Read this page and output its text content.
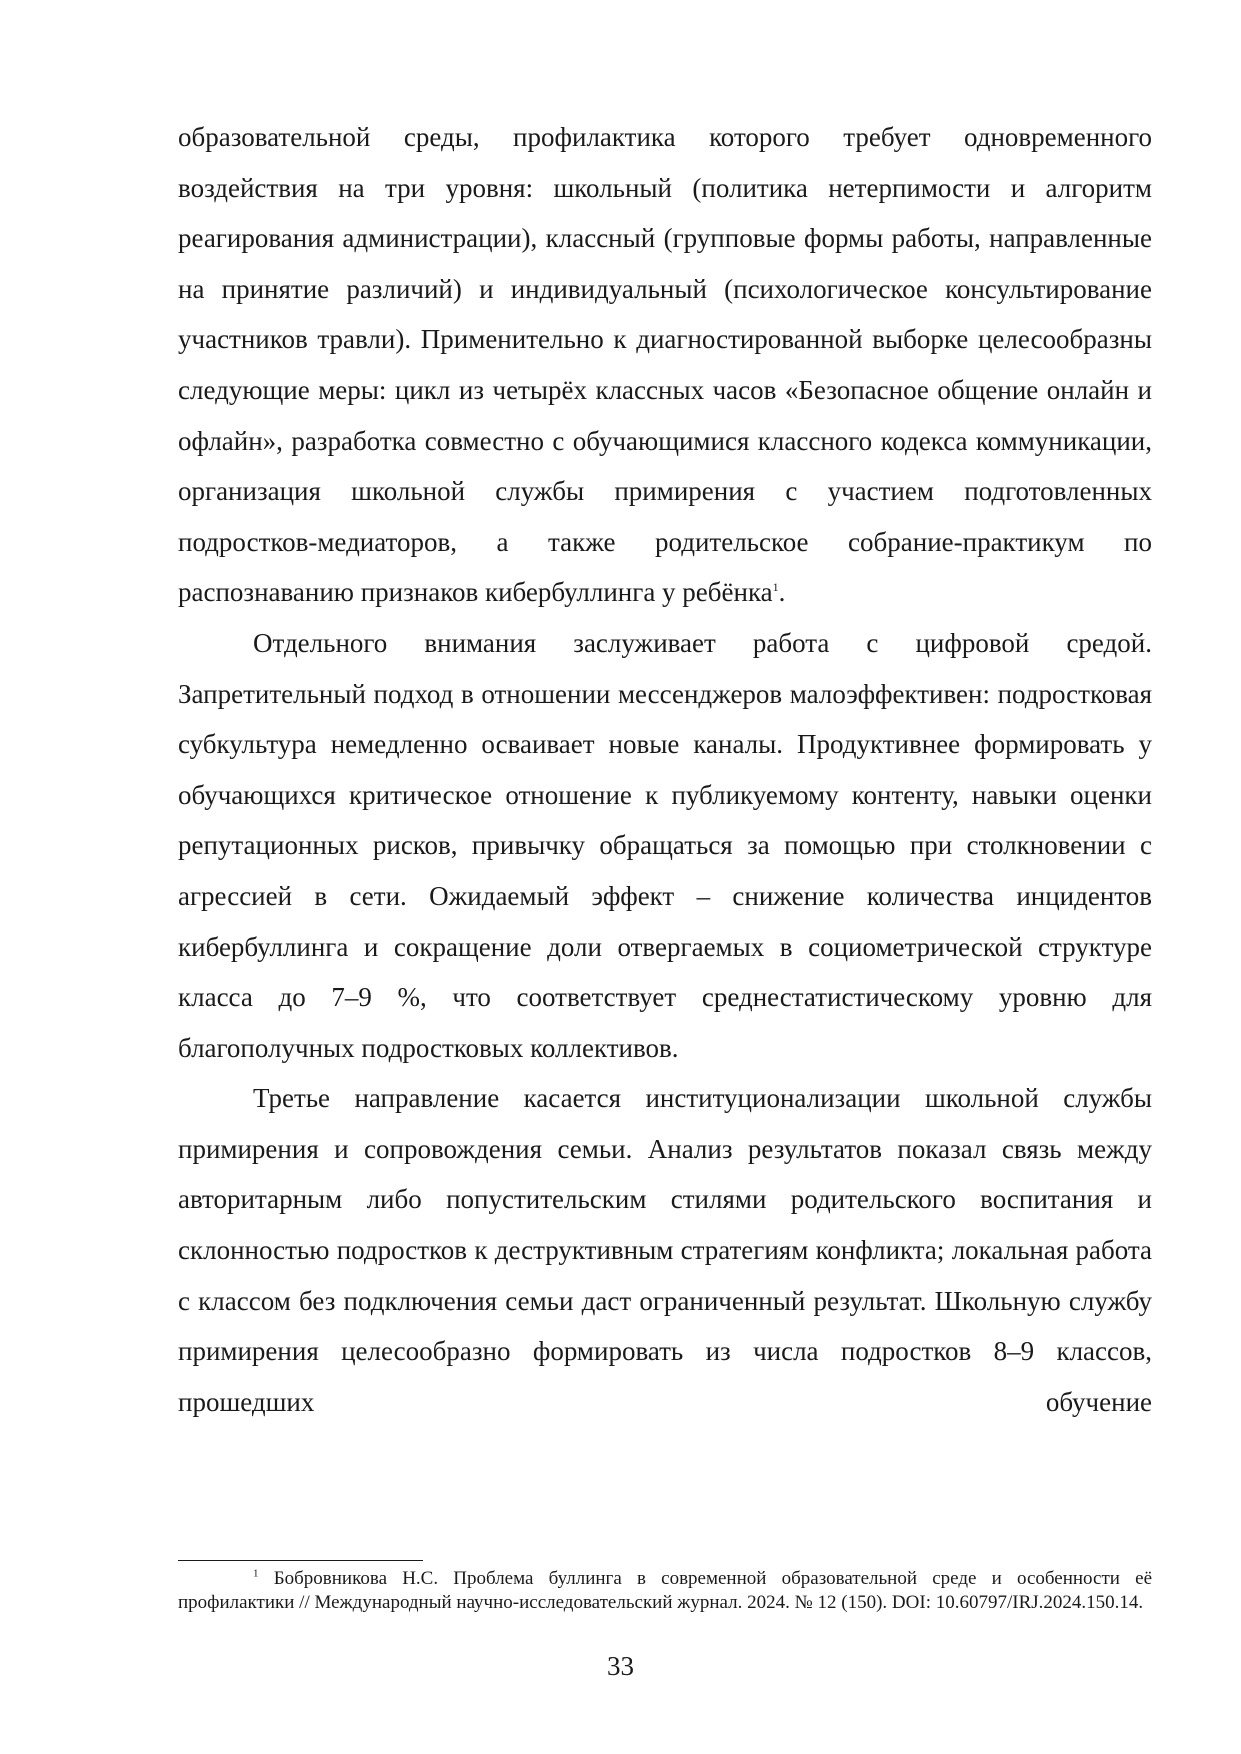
образовательной среды, профилактика которого требует одновременного воздействия на три уровня: школьный (политика нетерпимости и алгоритм реагирования администрации), классный (групповые формы работы, направленные на принятие различий) и индивидуальный (психологическое консультирование участников травли). Применительно к диагностированной выборке целесообразны следующие меры: цикл из четырёх классных часов «Безопасное общение онлайн и офлайн», разработка совместно с обучающимися классного кодекса коммуникации, организация школьной службы примирения с участием подготовленных подростков-медиаторов, а также родительское собрание-практикум по распознаванию признаков кибербуллинга у ребёнка$^1$.

Отдельного внимания заслуживает работа с цифровой средой. Запретительный подход в отношении мессенджеров малоэффективен: подростковая субкультура немедленно осваивает новые каналы. Продуктивнее формировать у обучающихся критическое отношение к публикуемому контенту, навыки оценки репутационных рисков, привычку обращаться за помощью при столкновении с агрессией в сети. Ожидаемый эффект – снижение количества инцидентов кибербуллинга и сокращение доли отвергаемых в социометрической структуре класса до 7–9 %, что соответствует среднестатистическому уровню для благополучных подростковых коллективов.

Третье направление касается институционализации школьной службы примирения и сопровождения семьи. Анализ результатов показал связь между авторитарным либо попустительским стилями родительского воспитания и склонностью подростков к деструктивным стратегиям конфликта; локальная работа с классом без подключения семьи даст ограниченный результат. Школьную службу примирения целесообразно формировать из числа подростков 8–9 классов, прошедших обучение

$^1$ Бобровникова Н.С. Проблема буллинга в современной образовательной среде и особенности её профилактики // Международный научно-исследовательский журнал. 2024. № 12 (150). DOI: 10.60797/IRJ.2024.150.14.

33
